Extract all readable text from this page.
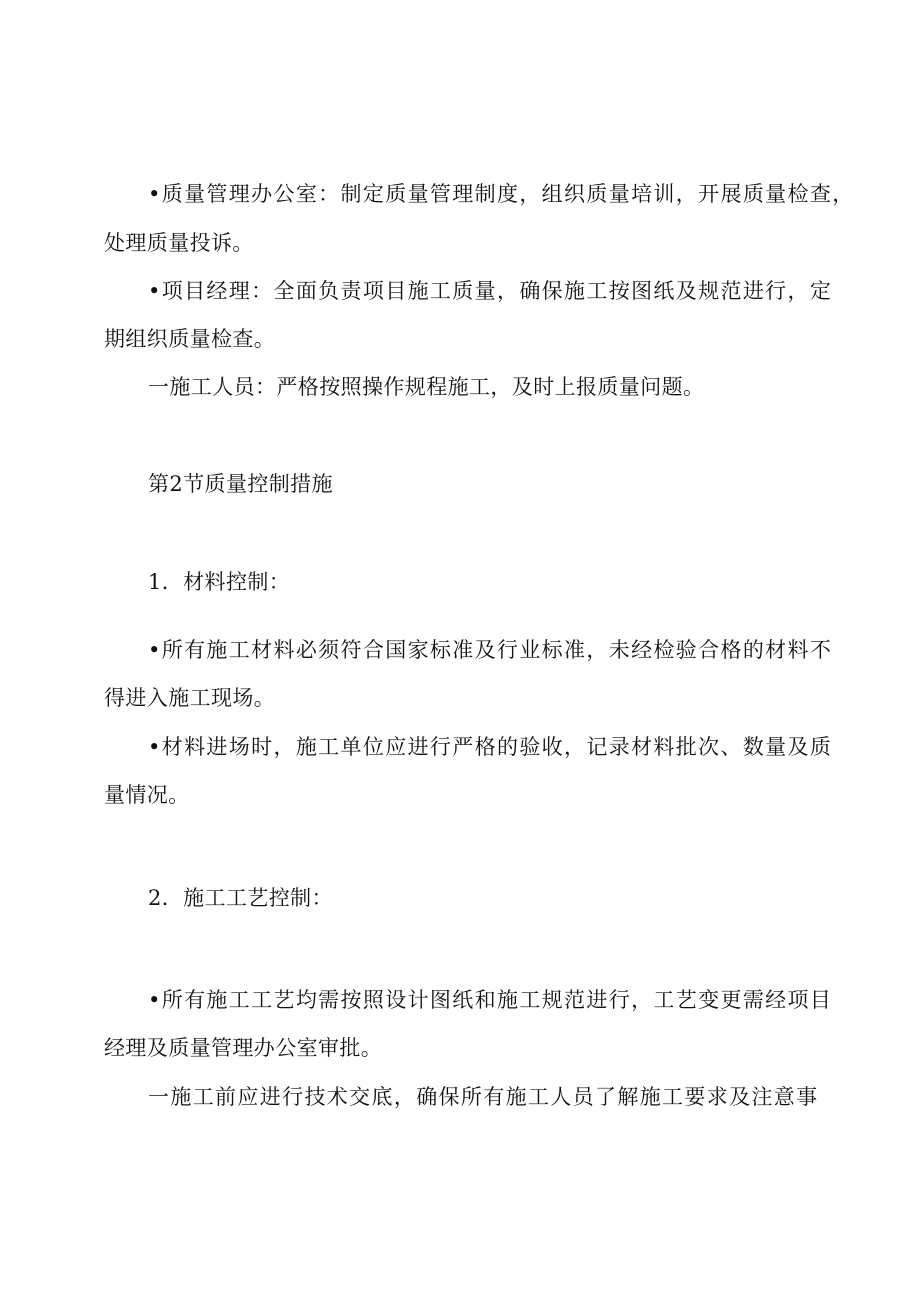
•质量管理办公室：制定质量管理制度，组织质量培训，开展质量检查，
处理质量投诉。
•项目经理：全面负责项目施工质量，确保施工按图纸及规范进行，定
期组织质量检查。
一施工人员：严格按照操作规程施工，及时上报质量问题。
第2节质量控制措施
1．材料控制：
•所有施工材料必须符合国家标准及行业标准，未经检验合格的材料不
得进入施工现场。
•材料进场时，施工单位应进行严格的验收，记录材料批次、数量及质
量情况。
2．施工工艺控制：
•所有施工工艺均需按照设计图纸和施工规范进行，工艺变更需经项目
经理及质量管理办公室审批。
一施工前应进行技术交底，确保所有施工人员了解施工要求及注意事
